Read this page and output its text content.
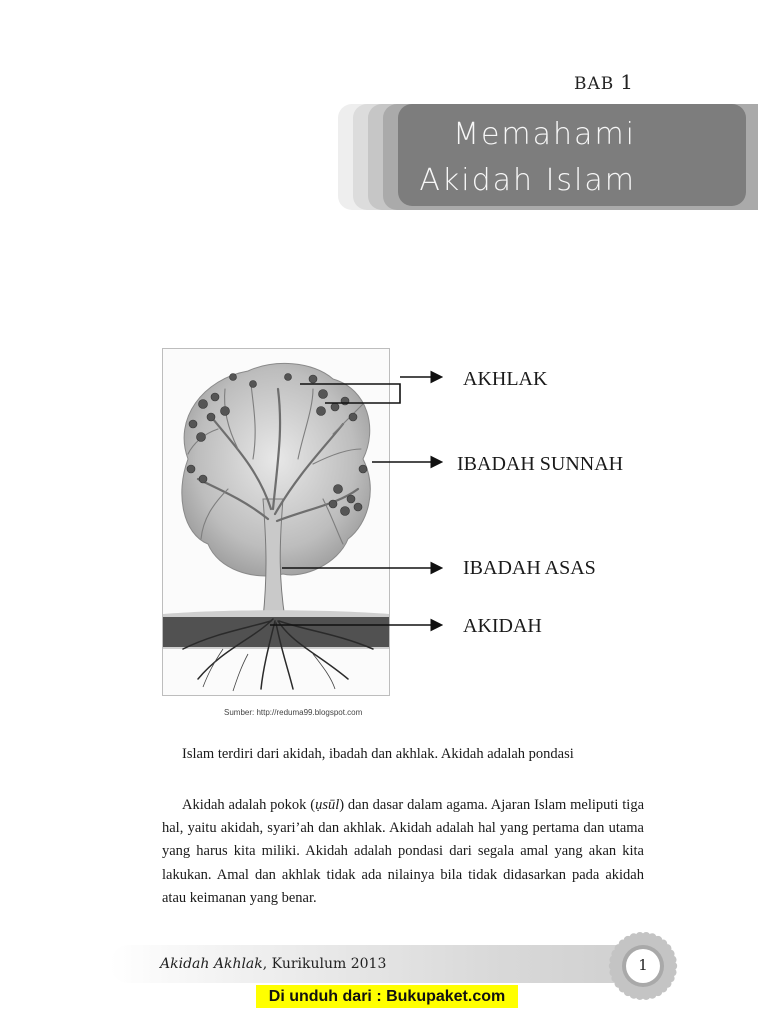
BAB 1
Memahami
Akidah Islam
AKHLAK
IBADAH SUNNAH
IBADAH ASAS
AKIDAH
Sumber: http://reduma99.blogspot.com
Islam terdiri dari akidah, ibadah dan akhlak. Akidah adalah pondasi
Akidah adalah pokok (ụsūl) dan dasar dalam agama. Ajaran Islam meliputi tiga hal, yaitu akidah, syari’ah dan akhlak. Akidah adalah hal yang pertama dan utama yang harus kita miliki. Akidah adalah pondasi dari segala amal yang akan kita lakukan. Amal dan akhlak tidak ada nilainya bila tidak didasarkan pada akidah atau keimanan yang benar.
Akidah Akhlak, Kurikulum 2013	1
Di unduh dari : Bukupaket.com
